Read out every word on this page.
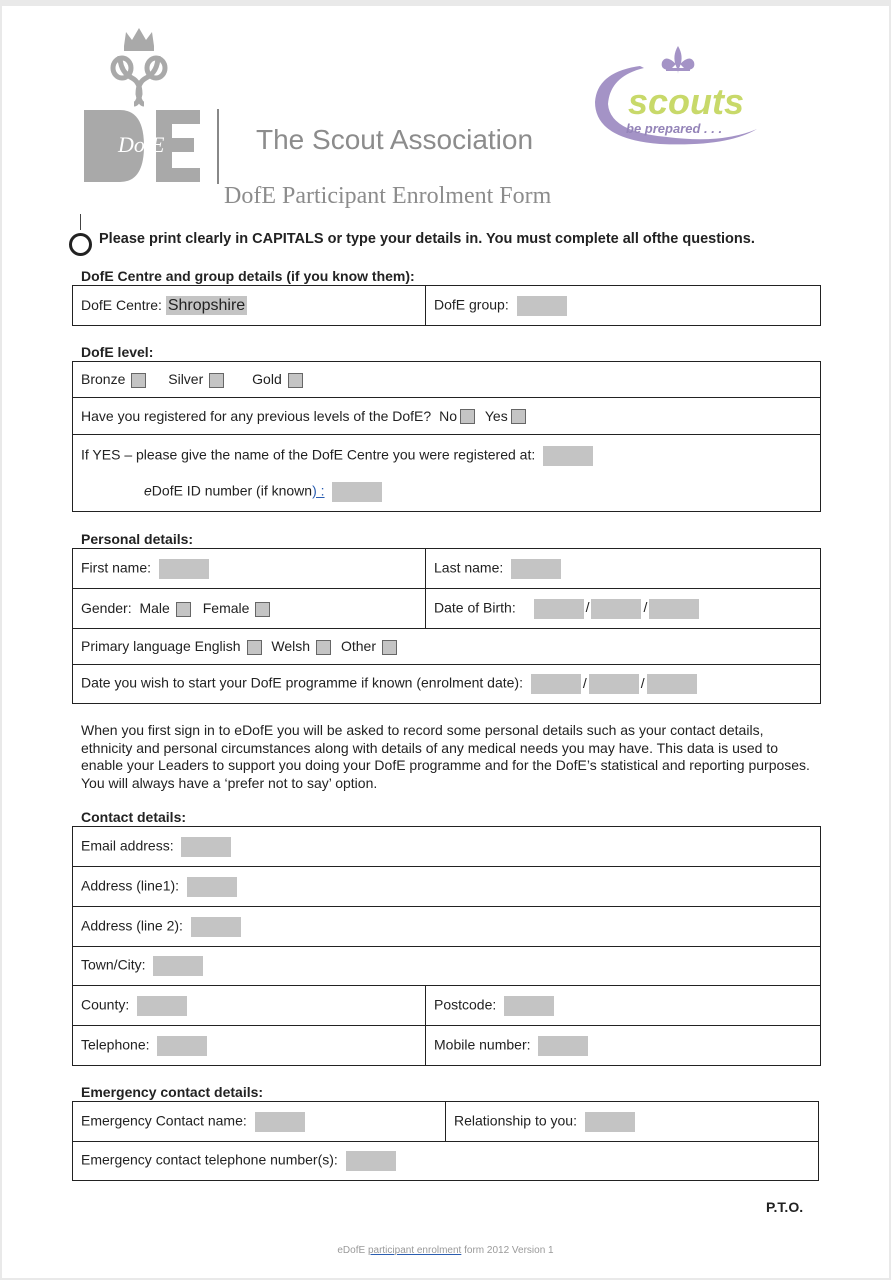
DofE	The Scout Association
DofE Participant Enrolment Form
scouts
be prepared . . .
Please print clearly in CAPITALS or type your details in. You must complete all ofthe questions.
DofE Centre and group details (if you know them):
DofE Centre: Shropshire	DofE group:
DofE level:
Bronze	Silver	Gold
Have you registered for any previous levels of the DofE? No Yes

If YES – please give the name of the DofE Centre you were registered at:
eDofE ID number (if known) :
Personal details:
First name:	Last name:
Gender: Male Female	Date of Birth: / /
Primary language English Welsh Other	
Date you wish to start your DofE programme if known (enrolment date): / /	
When you first sign in to eDofE you will be asked to record some personal details such as your contact details, ethnicity and personal circumstances along with details of any medical needs you may have. This data is used to enable your Leaders to support you doing your DofE programme and for the DofE’s statistical and reporting purposes. You will always have a ‘prefer not to say’ option.
Contact details:
Email address:	
Address (line1):	
Address (line 2):	
Town/City:	
County:	Postcode:
Telephone:	Mobile number:
Emergency contact details:
Emergency Contact name:	Relationship to you:
Emergency contact telephone number(s):
P.T.O.
eDofE participant enrolment form 2012 Version 1
